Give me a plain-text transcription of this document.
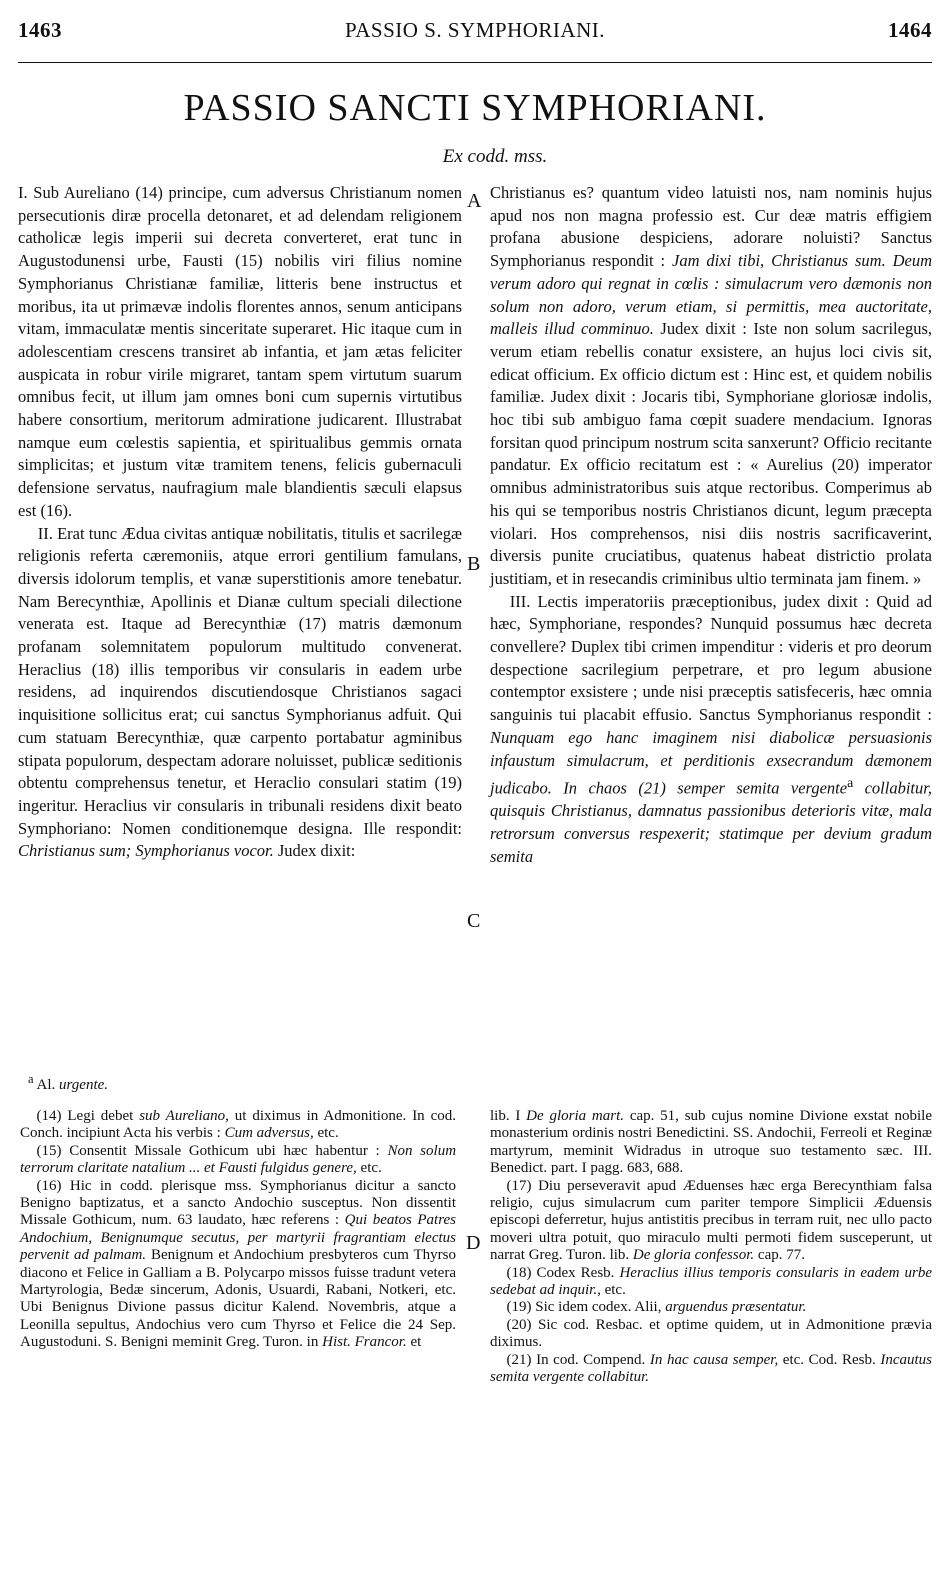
1463	PASSIO S. SYMPHORIANI.	1464
PASSIO SANCTI SYMPHORIANI.
Ex codd. mss.

I. Sub Aureliano (14) principe, cum adversus Christianum nomen persecutionis diræ procella detonaret, et ad delendam religionem catholicæ legis imperii sui decreta converteret, erat tunc in Augustodunensi urbe, Fausti (15) nobilis viri filius nomine Symphorianus Christianæ familiæ, litteris bene instructus et moribus, ita ut primævæ indolis florentes annos, senum anticipans vitam, immaculatæ mentis sinceritate superaret. Hic itaque cum in adolescentiam crescens transiret ab infantia, et jam ætas feliciter auspicata in robur virile migraret, tantam spem virtutum suarum omnibus fecit, ut illum jam omnes boni cum supernis virtutibus habere consortium, meritorum admiratione judicarent. Illustrabat namque eum cœlestis sapientia, et spiritualibus gemmis ornata simplicitas; et justum vitæ tramitem tenens, felicis gubernaculi defensione servatus, naufragium male blandientis sæculi elapsus est (16).

II. Erat tunc Ædua civitas antiquæ nobilitatis, titulis et sacrilegæ religionis referta cæremoniis, atque errori gentilium famulans, diversis idolorum templis, et vanæ superstitionis amore tenebatur. Nam Berecynthiæ, Apollinis et Dianæ cultum speciali dilectione venerata est. Itaque ad Berecynthiæ (17) matris dæmonum profanam solemnitatem populorum multitudo convenerat. Heraclius (18) illis temporibus vir consularis in eadem urbe residens, ad inquirendos discutiendosque Christianos sagaci inquisitione sollicitus erat; cui sanctus Symphorianus adfuit. Qui cum statuam Berecynthiæ, quæ carpento portabatur agminibus stipata populorum, despectam adorare noluisset, publicæ seditionis obtentu comprehensus tenetur, et Heraclio consulari statim (19) ingeritur. Heraclius vir consularis in tribunali residens dixit beato Symphoriano: Nomen conditionemque designa. Ille respondit: Christianus sum; Symphorianus vocor. Judex dixit:

A
B
C
D

Christianus es? quantum video latuisti nos, nam nominis hujus apud nos non magna professio est. Cur deæ matris effigiem profana abusione despiciens, adorare noluisti? Sanctus Symphorianus respondit : Jam dixi tibi, Christianus sum. Deum verum adoro qui regnat in cœlis : simulacrum vero dæmonis non solum non adoro, verum etiam, si permittis, mea auctoritate, malleis illud comminuo. Judex dixit : Iste non solum sacrilegus, verum etiam rebellis conatur exsistere, an hujus loci civis sit, edicat officium. Ex officio dictum est : Hinc est, et quidem nobilis familiæ. Judex dixit : Jocaris tibi, Symphoriane gloriosæ indolis, hoc tibi sub ambiguo fama cœpit suadere mendacium. Ignoras forsitan quod principum nostrum scita sanxerunt? Officio recitante pandatur. Ex officio recitatum est : « Aurelius (20) imperator omnibus administratoribus suis atque rectoribus. Comperimus ab his qui se temporibus nostris Christianos dicunt, legum præcepta violari. Hos comprehensos, nisi diis nostris sacrificaverint, diversis punite cruciatibus, quatenus habeat districtio prolata justitiam, et in resecandis criminibus ultio terminata jam finem. »

III. Lectis imperatoriis præceptionibus, judex dixit : Quid ad hæc, Symphoriane, respondes? Nunquid possumus hæc decreta convellere? Duplex tibi crimen impenditur : videris et pro deorum despectione sacrilegium perpetrare, et pro legum abusione contemptor exsistere ; unde nisi præceptis satisfeceris, hæc omnia sanguinis tui placabit effusio. Sanctus Symphorianus respondit : Nunquam ego hanc imaginem nisi diabolicæ persuasionis infaustum simulacrum, et perditionis exsecrandum dæmonem judicabo. In chaos (21) semper semita vergente$^a$ collabitur, quisquis Christianus, damnatus passionibus deterioris vitæ, mala retrorsum conversus respexerit; statimque per devium gradum semita

$^a$ Al. urgente.

(14) Legi debet sub Aureliano, ut diximus in Admonitione. In cod. Conch. incipiunt Acta his verbis : Cum adversus, etc.

(15) Consentit Missale Gothicum ubi hæc habentur : Non solum terrorum claritate natalium ... et Fausti fulgidus genere, etc.

(16) Hic in codd. plerisque mss. Symphorianus dicitur a sancto Benigno baptizatus, et a sancto Andochio susceptus. Non dissentit Missale Gothicum, num. 63 laudato, hæc referens : Qui beatos Patres Andochium, Benignumque secutus, per martyrii fragrantiam electus pervenit ad palmam. Benignum et Andochium presbyteros cum Thyrso diacono et Felice in Galliam a B. Polycarpo missos fuisse tradunt vetera Martyrologia, Bedæ sincerum, Adonis, Usuardi, Rabani, Notkeri, etc. Ubi Benignus Divione passus dicitur Kalend. Novembris, atque a Leonilla sepultus, Andochius vero cum Thyrso et Felice die 24 Sep. Augustoduni. S. Benigni meminit Greg. Turon. in Hist. Francor. et

lib. I De gloria mart. cap. 51, sub cujus nomine Divione exstat nobile monasterium ordinis nostri Benedictini. SS. Andochii, Ferreoli et Reginæ martyrum, meminit Widradus in utroque suo testamento sæc. III. Benedict. part. I pagg. 683, 688.

(17) Diu perseveravit apud Æduenses hæc erga Berecynthiam falsa religio, cujus simulacrum cum pariter tempore Simplicii Æduensis episcopi deferretur, hujus antistitis precibus in terram ruit, nec ullo pacto moveri ultra potuit, quo miraculo multi permoti fidem susceperunt, ut narrat Greg. Turon. lib. De gloria confessor. cap. 77.

(18) Codex Resb. Heraclius illius temporis consularis in eadem urbe sedebat ad inquir., etc.

(19) Sic idem codex. Alii, arguendus præsentatur.

(20) Sic cod. Resbac. et optime quidem, ut in Admonitione prævia diximus.

(21) In cod. Compend. In hac causa semper, etc. Cod. Resb. Incautus semita vergente collabitur.
